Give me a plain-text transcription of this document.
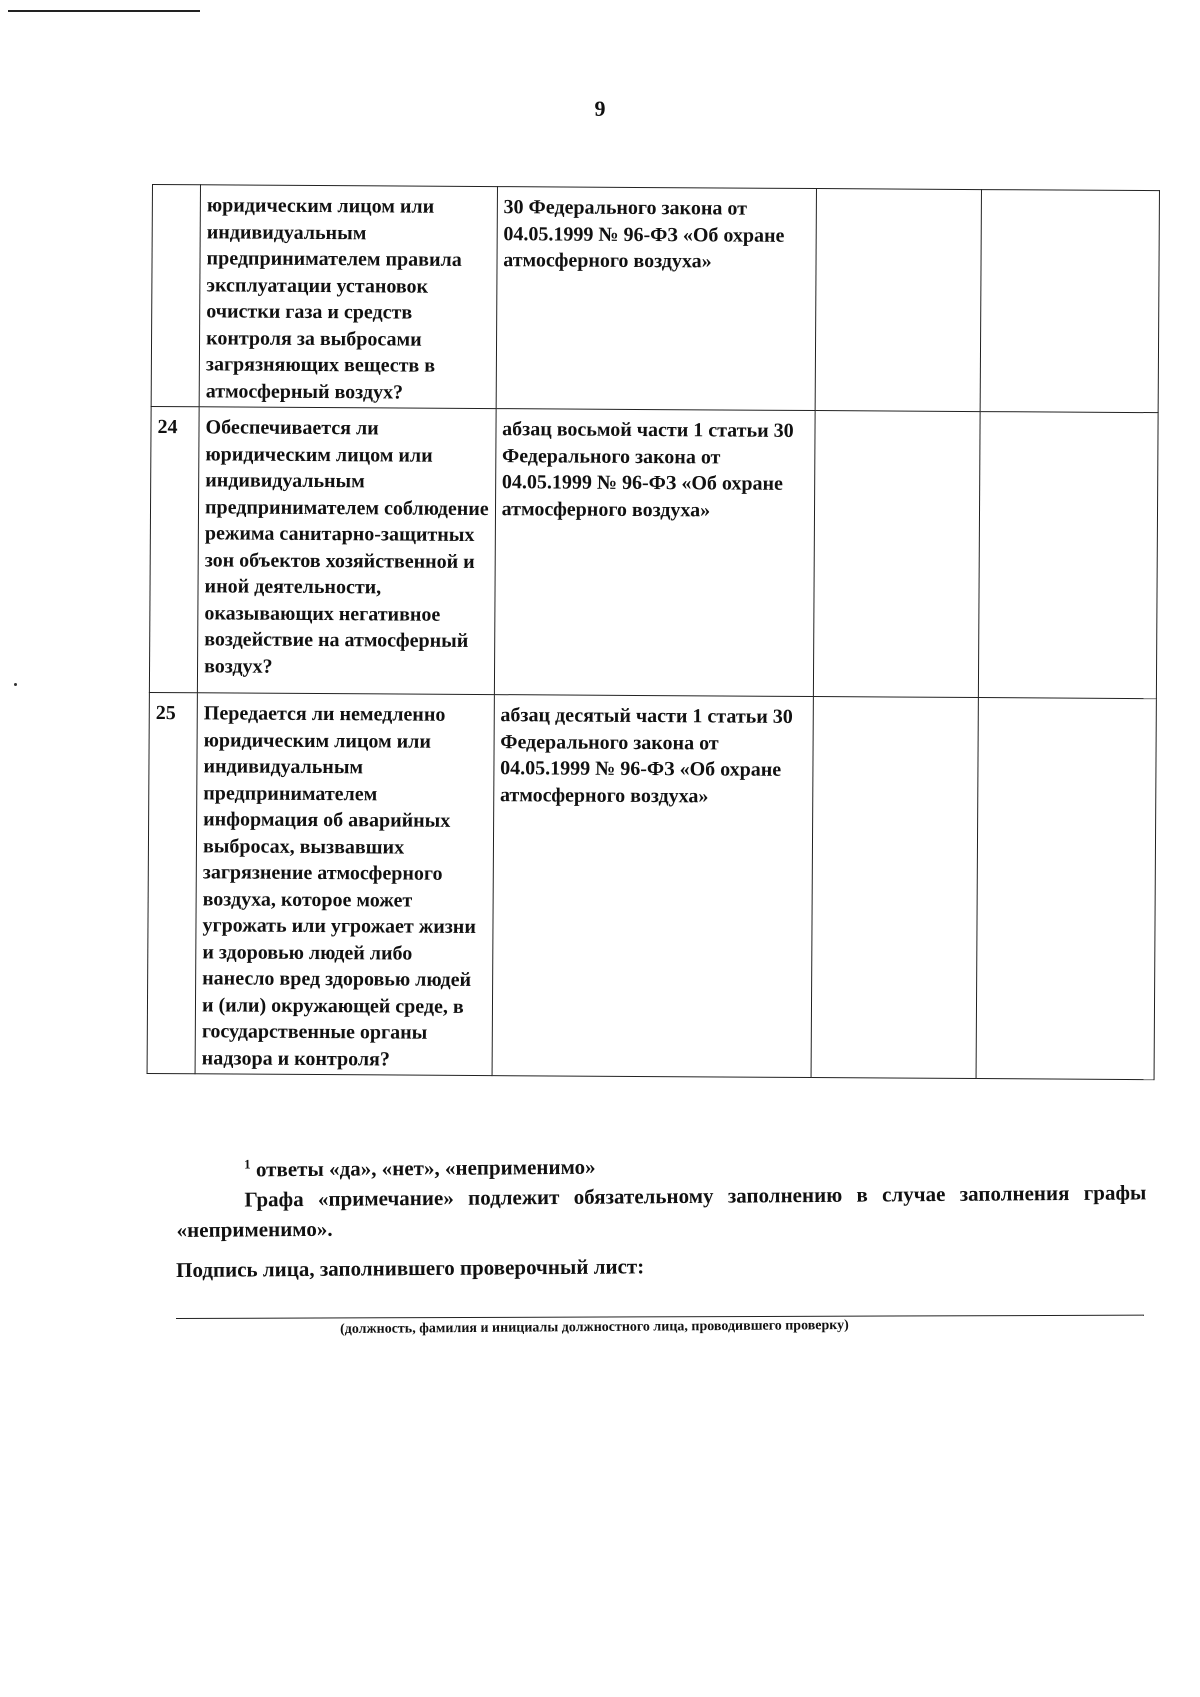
9
	юридическим лицом или индивидуальным предпринимателем правила эксплуатации установок очистки газа и средств контроля за выбросами загрязняющих веществ в атмосферный воздух?	30 Федерального закона от 04.05.1999 № 96-ФЗ «Об охране атмосферного воздуха»		
24	Обеспечивается ли юридическим лицом или индивидуальным предпринимателем соблюдение режима санитарно-защитных зон объектов хозяйственной и иной деятельности, оказывающих негативное воздействие на атмосферный воздух?	абзац восьмой части 1 статьи 30 Федерального закона от 04.05.1999 № 96-ФЗ «Об охране атмосферного воздуха»		
25	Передается ли немедленно юридическим лицом или индивидуальным предпринимателем информация об аварийных выбросах, вызвавших загрязнение атмосферного воздуха, которое может угрожать или угрожает жизни и здоровью людей либо нанесло вред здоровью людей и (или) окружающей среде, в государственные органы надзора и контроля?	абзац десятый части 1 статьи 30 Федерального закона от 04.05.1999 № 96-ФЗ «Об охране атмосферного воздуха»		
$^1$ ответы «да», «нет», «неприменимо»
Графа «примечание» подлежит обязательному заполнению в случае заполнения графы «неприменимо».
Подпись лица, заполнившего проверочный лист:
(должность, фамилия и инициалы должностного лица, проводившего проверку)
